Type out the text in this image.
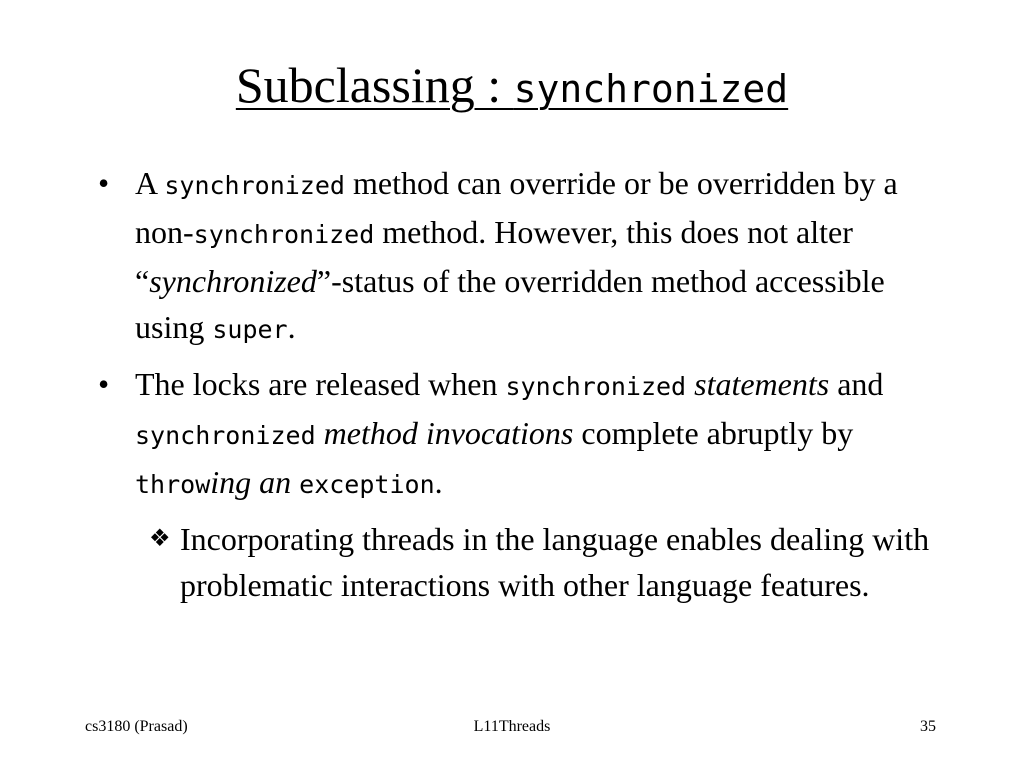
Subclassing : synchronized
• A synchronized method can override or be overridden by a non-synchronized method. However, this does not alter “synchronized”-status of the overridden method accessible using super.
• The locks are released when synchronized statements and synchronized method invocations complete abruptly by throwing an exception.
❖ Incorporating threads in the language enables dealing with problematic interactions with other language features.
cs3180 (Prasad)	L11Threads	35
